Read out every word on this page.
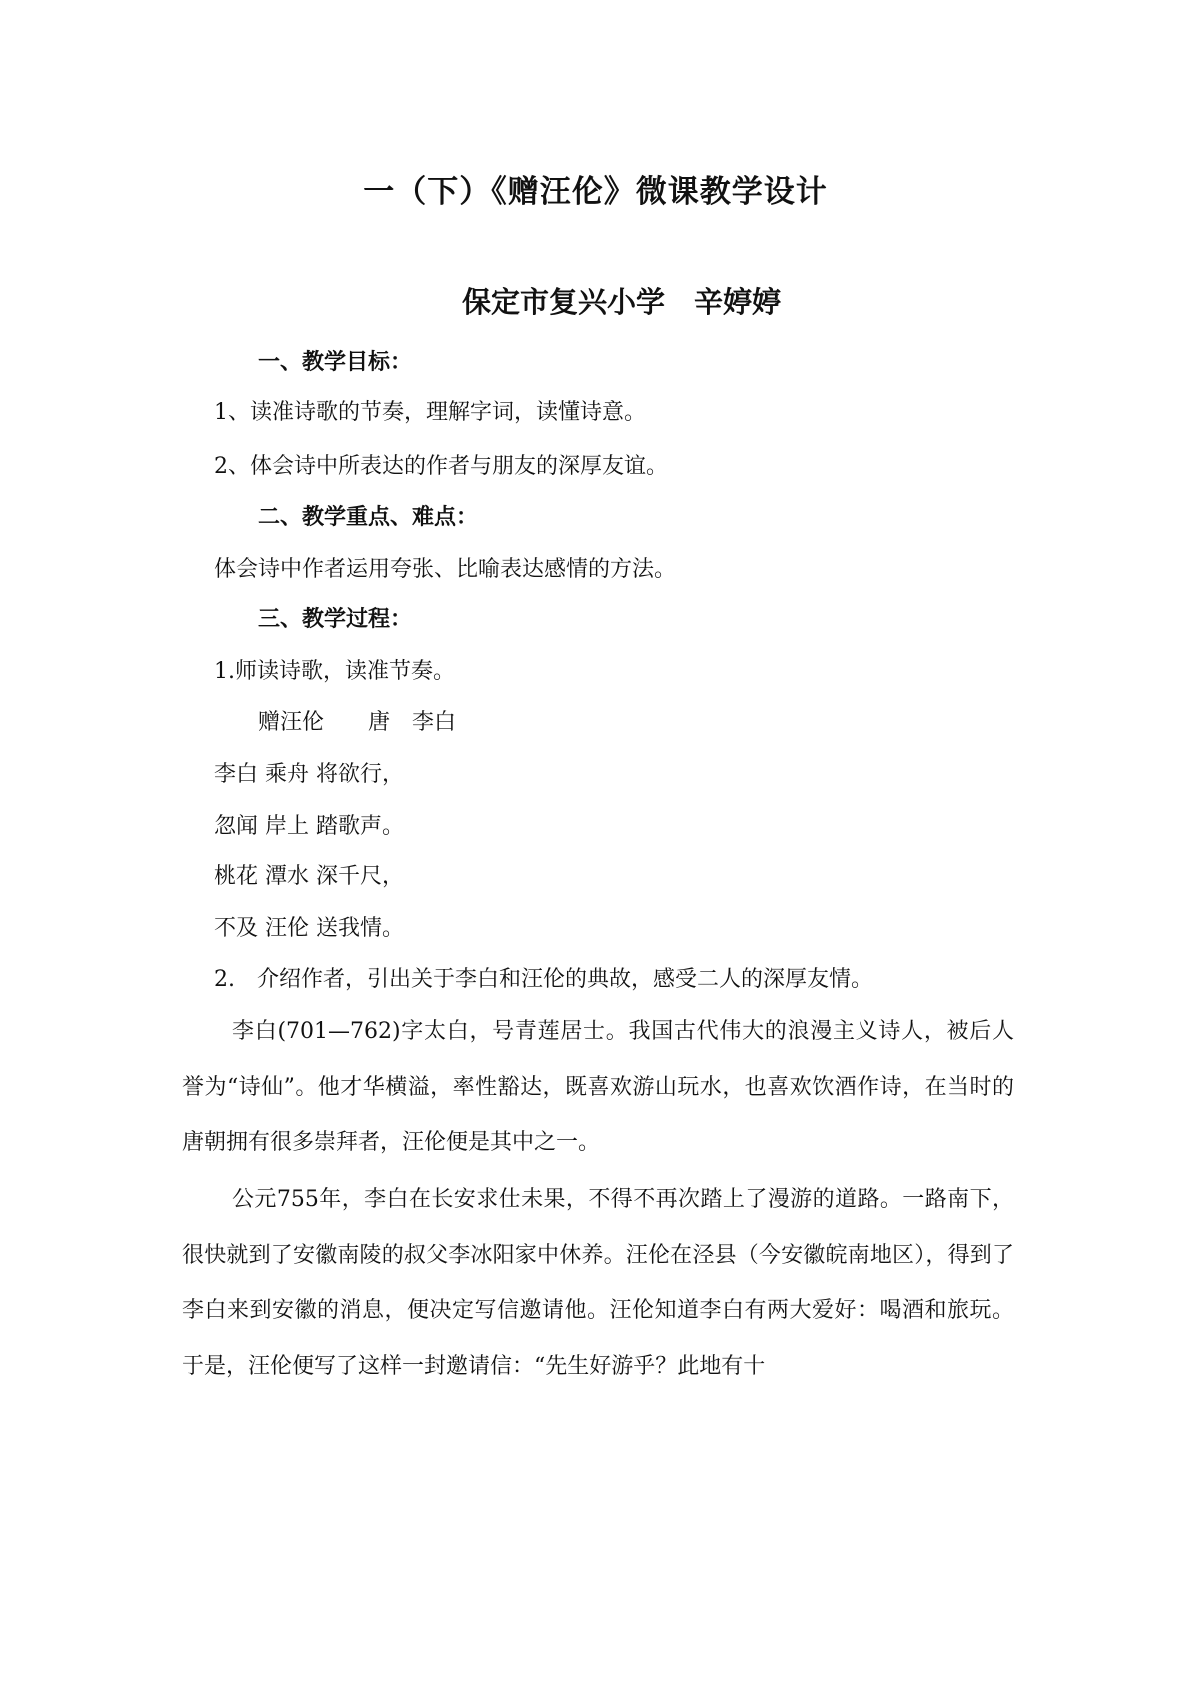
一（下）《赠汪伦》微课教学设计
保定市复兴小学　辛婷婷
一、教学目标：
1、读准诗歌的节奏，理解字词，读懂诗意。
2、体会诗中所表达的作者与朋友的深厚友谊。
二、教学重点、难点：
体会诗中作者运用夸张、比喻表达感情的方法。
三、教学过程：
1.师读诗歌，读准节奏。
赠汪伦　　唐　李白
李白 乘舟 将欲行，
忽闻 岸上 踏歌声。
桃花 潭水 深千尺，
不及 汪伦 送我情。
2.　介绍作者，引出关于李白和汪伦的典故，感受二人的深厚友情。
李白(701—762)字太白，号青莲居士。我国古代伟大的浪漫主义诗人，被后人誉为“诗仙”。他才华横溢，率性豁达，既喜欢游山玩水，也喜欢饮酒作诗，在当时的唐朝拥有很多崇拜者，汪伦便是其中之一。
公元755年，李白在长安求仕未果，不得不再次踏上了漫游的道路。一路南下，很快就到了安徽南陵的叔父李冰阳家中休养。汪伦在泾县（今安徽皖南地区），得到了李白来到安徽的消息，便决定写信邀请他。汪伦知道李白有两大爱好：喝酒和旅玩。于是，汪伦便写了这样一封邀请信：“先生好游乎？此地有十
